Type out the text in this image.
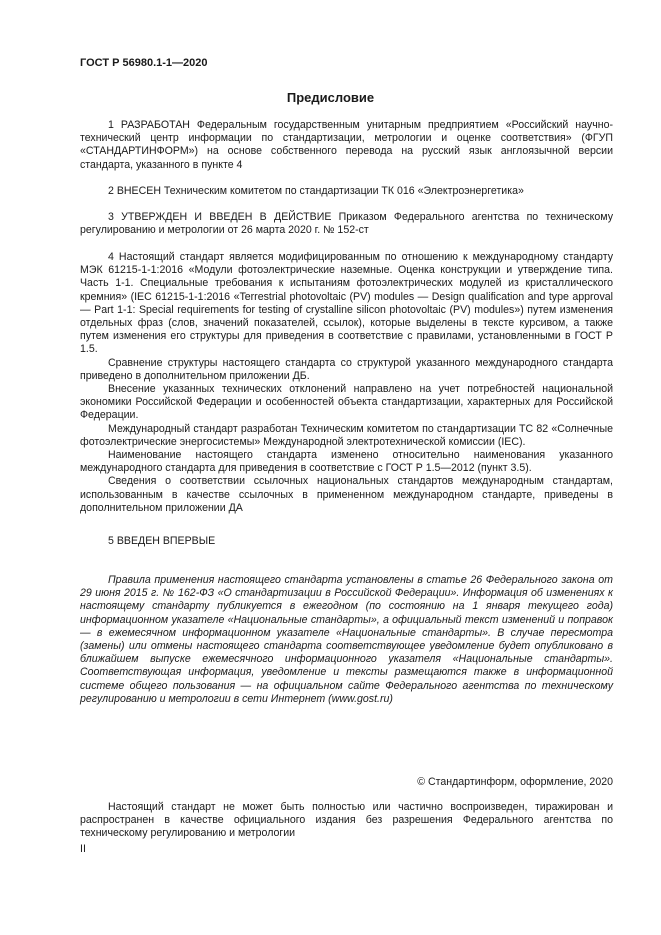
ГОСТ Р 56980.1-1—2020
Предисловие

1 РАЗРАБОТАН Федеральным государственным унитарным предприятием «Российский научно-технический центр информации по стандартизации, метрологии и оценке соответствия» (ФГУП «СТАНДАРТИНФОРМ») на основе собственного перевода на русский язык англоязычной версии стандарта, указанного в пункте 4

2 ВНЕСЕН Техническим комитетом по стандартизации ТК 016 «Электроэнергетика»

3 УТВЕРЖДЕН И ВВЕДЕН В ДЕЙСТВИЕ Приказом Федерального агентства по техническому регулированию и метрологии от 26 марта 2020 г. № 152-ст

4 Настоящий стандарт является модифицированным по отношению к международному стандарту МЭК 61215-1-1:2016 «Модули фотоэлектрические наземные. Оценка конструкции и утверждение типа. Часть 1-1. Специальные требования к испытаниям фотоэлектрических модулей из кристаллического кремния» (IEC 61215-1-1:2016 «Terrestrial photovoltaic (PV) modules — Design qualification and type approval — Part 1-1: Special requirements for testing of crystalline silicon photovoltaic (PV) modules») путем изменения отдельных фраз (слов, значений показателей, ссылок), которые выделены в тексте курсивом, а также путем изменения его структуры для приведения в соответствие с правилами, установленными в ГОСТ Р 1.5.

Сравнение структуры настоящего стандарта со структурой указанного международного стандарта приведено в дополнительном приложении ДБ.

Внесение указанных технических отклонений направлено на учет потребностей национальной экономики Российской Федерации и особенностей объекта стандартизации, характерных для Российской Федерации.

Международный стандарт разработан Техническим комитетом по стандартизации ТС 82 «Солнечные фотоэлектрические энергосистемы» Международной электротехнической комиссии (IEC).

Наименование настоящего стандарта изменено относительно наименования указанного международного стандарта для приведения в соответствие с ГОСТ Р 1.5—2012 (пункт 3.5).

Сведения о соответствии ссылочных национальных стандартов международным стандартам, использованным в качестве ссылочных в примененном международном стандарте, приведены в дополнительном приложении ДА

5 ВВЕДЕН ВПЕРВЫЕ

Правила применения настоящего стандарта установлены в статье 26 Федерального закона от 29 июня 2015 г. № 162-ФЗ «О стандартизации в Российской Федерации». Информация об изменениях к настоящему стандарту публикуется в ежегодном (по состоянию на 1 января текущего года) информационном указателе «Национальные стандарты», а официальный текст изменений и поправок — в ежемесячном информационном указателе «Национальные стандарты». В случае пересмотра (замены) или отмены настоящего стандарта соответствующее уведомление будет опубликовано в ближайшем выпуске ежемесячного информационного указателя «Национальные стандарты». Соответствующая информация, уведомление и тексты размещаются также в информационной системе общего пользования — на официальном сайте Федерального агентства по техническому регулированию и метрологии в сети Интернет (www.gost.ru)

© Стандартинформ, оформление, 2020

Настоящий стандарт не может быть полностью или частично воспроизведен, тиражирован и распространен в качестве официального издания без разрешения Федерального агентства по техническому регулированию и метрологии

II
